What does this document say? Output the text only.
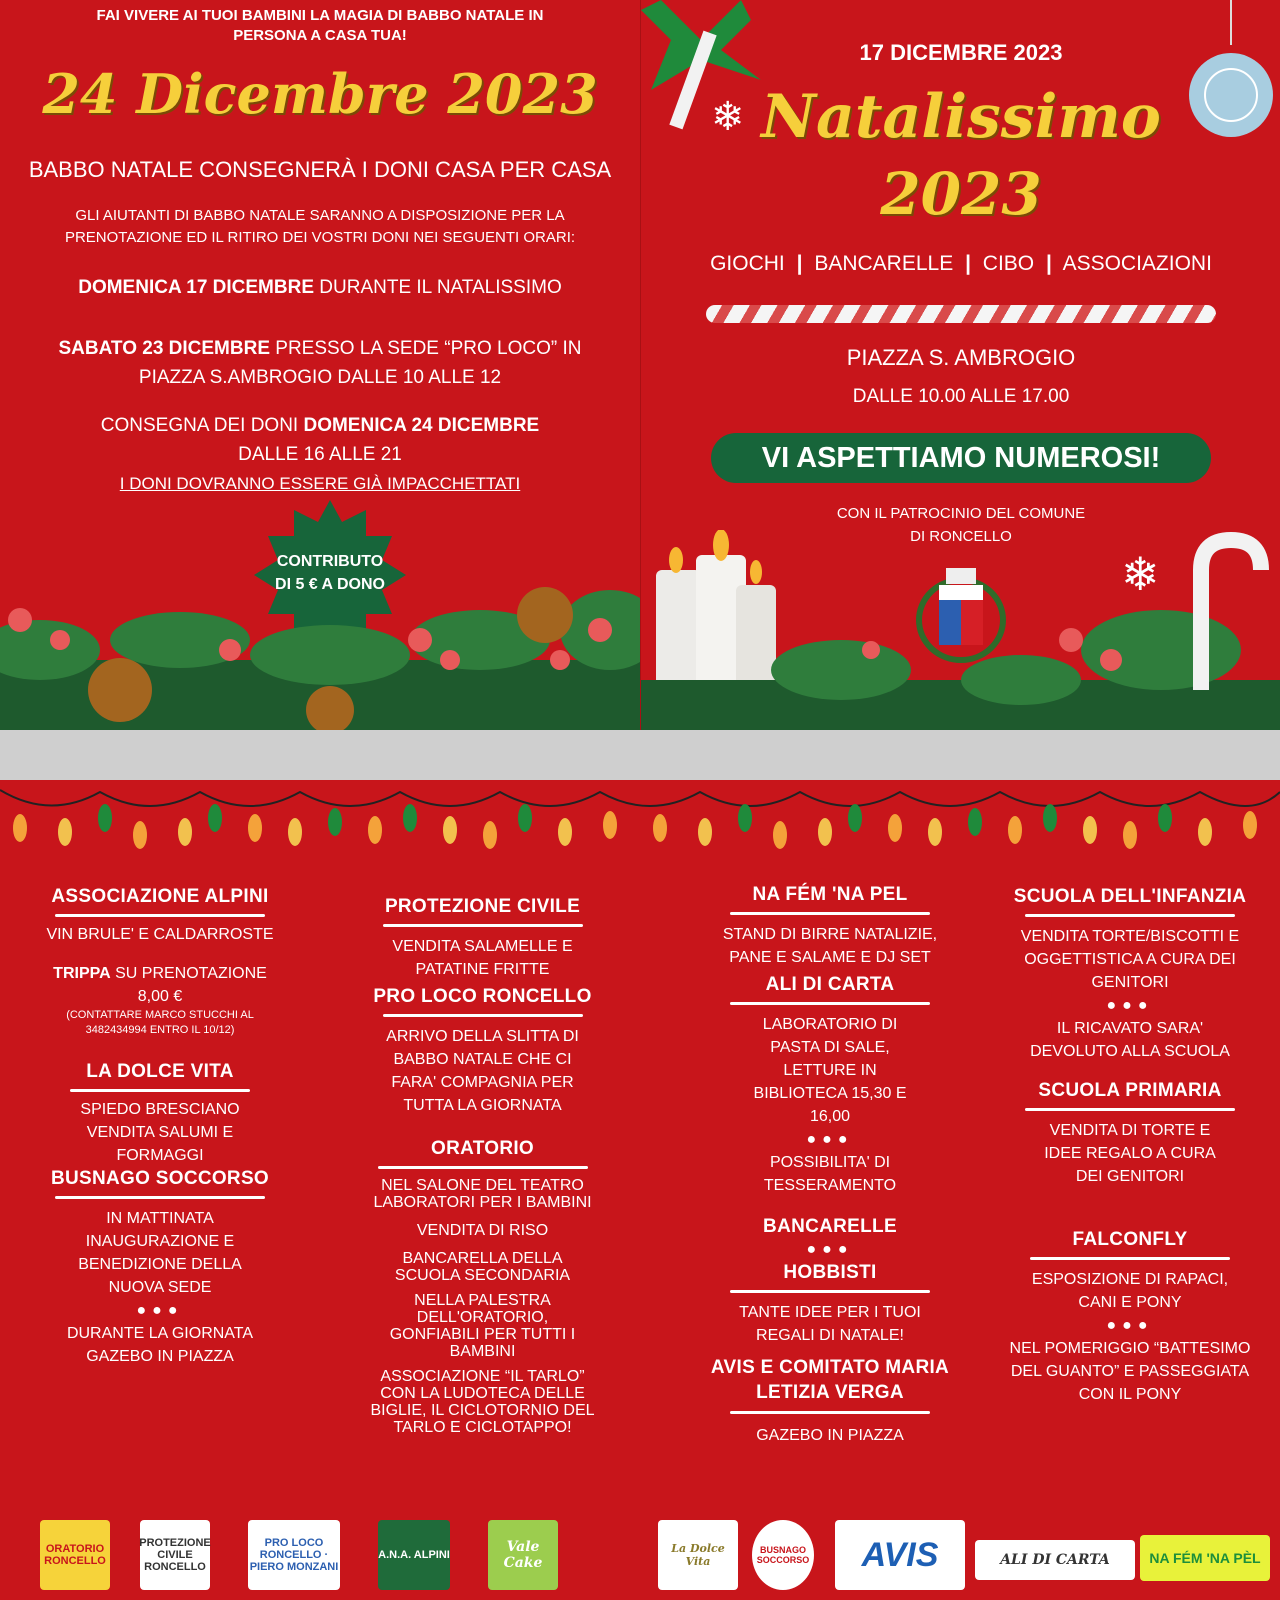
FAI VIVERE AI TUOI BAMBINI LA MAGIA DI BABBO NATALE IN PERSONA A CASA TUA!
24 Dicembre 2023
BABBO NATALE CONSEGNERÀ I DONI CASA PER CASA
GLI AIUTANTI DI BABBO NATALE SARANNO A DISPOSIZIONE PER LA PRENOTAZIONE ED IL RITIRO DEI VOSTRI DONI NEI SEGUENTI ORARI:
DOMENICA 17 DICEMBRE DURANTE IL NATALISSIMO
SABATO 23 DICEMBRE PRESSO LA SEDE “PRO LOCO” IN PIAZZA S.AMBROGIO DALLE 10 ALLE 12
CONSEGNA DEI DONI DOMENICA 24 DICEMBRE
DALLE 16 ALLE 21
I DONI DOVRANNO ESSERE GIÀ IMPACCHETTATI
CONTRIBUTO DI 5 € A DONO
❄
17 DICEMBRE 2023
Natalissimo
2023
GIOCHI | BANCARELLE | CIBO | ASSOCIAZIONI
PIAZZA S. AMBROGIO
DALLE 10.00 ALLE 17.00
VI ASPETTIAMO NUMEROSI!
CON IL PATROCINIO DEL COMUNE DI RONCELLO
❄
ASSOCIAZIONE ALPINI

VIN BRULE' E CALDARROSTE

TRIPPA SU PRENOTAZIONE

8,00 €

(CONTATTARE MARCO STUCCHI AL 3482434994 ENTRO IL 10/12)

LA DOLCE VITA

SPIEDO BRESCIANO

VENDITA SALUMI E FORMAGGI

BUSNAGO SOCCORSO

IN MATTINATA INAUGURAZIONE E BENEDIZIONE DELLA NUOVA SEDE

●●●

DURANTE LA GIORNATA GAZEBO IN PIAZZA

PROTEZIONE CIVILE

VENDITA SALAMELLE E PATATINE FRITTE

PRO LOCO RONCELLO

ARRIVO DELLA SLITTA DI BABBO NATALE CHE CI FARA' COMPAGNIA PER TUTTA LA GIORNATA

ORATORIO

NEL SALONE DEL TEATRO LABORATORI PER I BAMBINI

VENDITA DI RISO

BANCARELLA DELLA SCUOLA SECONDARIA

NELLA PALESTRA DELL'ORATORIO, GONFIABILI PER TUTTI I BAMBINI

ASSOCIAZIONE “IL TARLO” CON LA LUDOTECA DELLE BIGLIE, IL CICLOTORNIO DEL TARLO E CICLOTAPPO!

NA FÉM 'NA PEL

STAND DI BIRRE NATALIZIE, PANE E SALAME E DJ SET

ALI DI CARTA

LABORATORIO DI PASTA DI SALE, LETTURE IN BIBLIOTECA 15,30 E 16,00

●●●

POSSIBILITA' DI TESSERAMENTO

BANCARELLE

●●●

HOBBISTI

TANTE IDEE PER I TUOI REGALI DI NATALE!

AVIS E COMITATO MARIA LETIZIA VERGA

GAZEBO IN PIAZZA

SCUOLA DELL'INFANZIA

VENDITA TORTE/BISCOTTI E OGGETTISTICA A CURA DEI GENITORI

●●●

IL RICAVATO SARA' DEVOLUTO ALLA SCUOLA

SCUOLA PRIMARIA

VENDITA DI TORTE E IDEE REGALO A CURA DEI GENITORI

FALCONFLY

ESPOSIZIONE DI RAPACI, CANI E PONY

●●●

NEL POMERIGGIO “BATTESIMO DEL GUANTO” E PASSEGGIATA CON IL PONY

ORATORIO RONCELLO
PROTEZIONE CIVILE RONCELLO
PRO LOCO RONCELLO · PIERO MONZANI
A.N.A. ALPINI	Vale Cake
La Dolce Vita
BUSNAGO SOCCORSO	AVIS	ALI DI CARTA	NA FÉM 'NA PÈL
